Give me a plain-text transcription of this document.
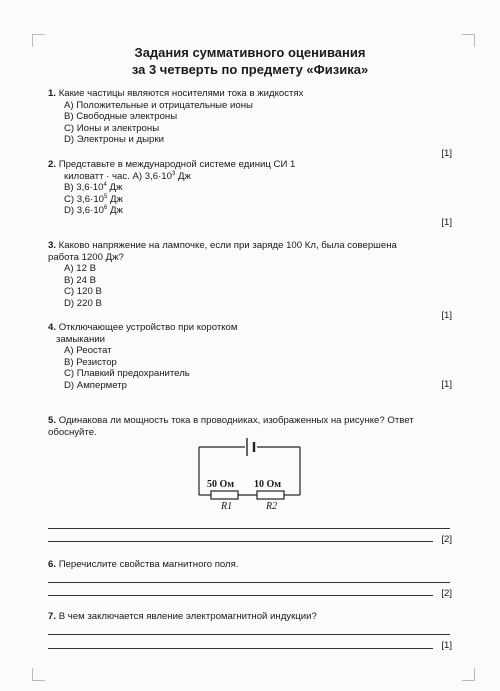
Задания суммативного оценивания
за 3 четверть по предмету «Физика»
1. Какие частицы являются носителями тока в жидкостях
А) Положительные и отрицательные ионы
В) Свободные электроны
С) Ионы и электроны
D) Электроны и дырки
[1]
2. Представьте в международной системе единиц СИ 1
киловатт · час. А) $3,6\cdot 10^3$ Дж
В) $3,6\cdot 10^4$ Дж
С) $3,6\cdot 10^5$ Дж
D) $3,6\cdot 10^6$ Дж
[1]
3. Каково напряжение на лампочке, если при заряде 100 Кл, была совершена
работа 1200 Дж?
А) 12 В
В) 24 В
С) 120 В
D) 220 В
[1]
4. Отключающее устройство при коротком
замыкании
А) Реостат
В) Резистор
С) Плавкий предохранитель
D) Амперметр	[1]
5. Одинакова ли мощность тока в проводниках, изображенных на рисунке? Ответ
обоснуйте.
50 Ом 10 Ом
R1	R2
[2]
6. Перечислите свойства магнитного поля.
[2]
7. В чем заключается явление электромагнитной индукции?
[1]
